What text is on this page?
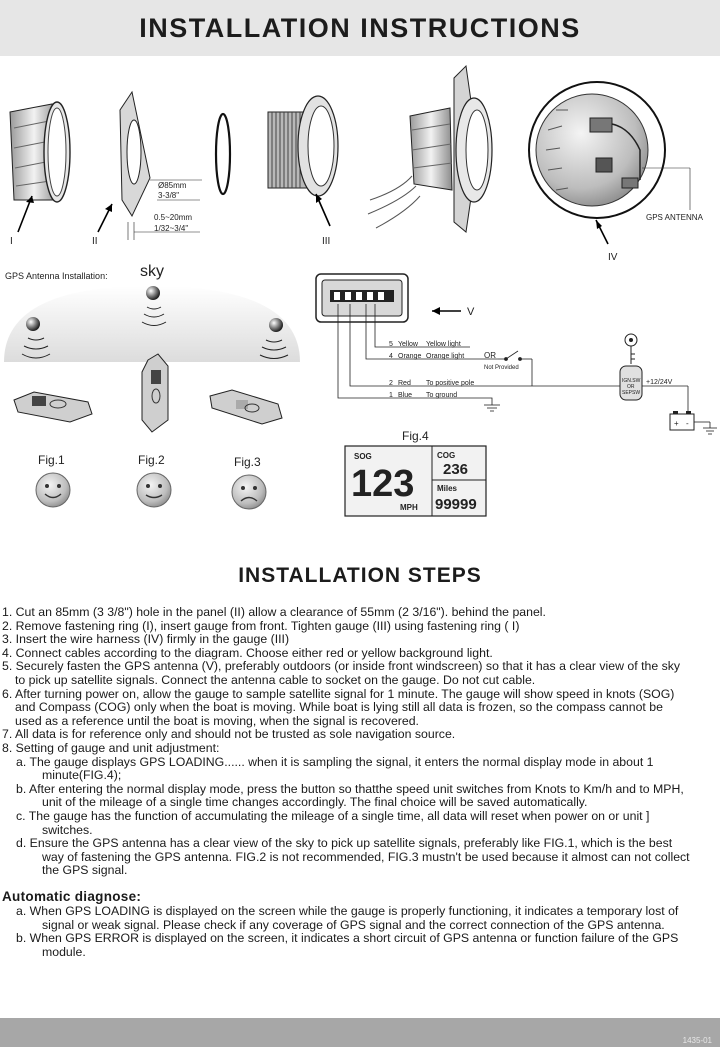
INSTALLATION INSTRUCTIONS
I	II
Ø85mm
3-3/8"
0.5~20mm
1/32~3/4"
III
GPS ANTENNA
IV
GPS Antenna Installation: sky
Fig.1	Fig.2	Fig.3
V
5 Yellow Yellow light
4 Orange Orange light OR
Not Provided
2 Red To positive pole
1 Blue To ground
IGN.SW
OR
SEPSW
+12/24V
+ -
Fig.4
SOG
123
MPH
COG
236
Miles
99999
INSTALLATION STEPS

1. Cut an 85mm (3 3/8") hole in the panel (II) allow a clearance of 55mm (2 3/16"). behind the panel.

2. Remove fastening ring (I), insert gauge from front. Tighten gauge (III) using fastening ring ( I)

3. Insert the wire harness (IV) firmly in the gauge (III)

4. Connect cables according to the diagram. Choose either red or yellow background light.

5. Securely fasten the GPS antenna (V), preferably outdoors (or inside front windscreen) so that it has a clear view of the sky

to pick up satellite signals. Connect the antenna cable to socket on the gauge. Do not cut cable.

6. After turning power on, allow the gauge to sample satellite signal for 1 minute. The gauge will show speed in knots (SOG)

and Compass (COG) only when the boat is moving. While boat is lying still all data is frozen, so the compass cannot be

used as a reference until the boat is moving, when the signal is recovered.

7. All data is for reference only and should not be trusted as sole navigation source.

8. Setting of gauge and unit adjustment:

a. The gauge displays GPS LOADING...... when it is sampling the signal, it enters the normal display mode in about 1

minute(FIG.4);

b. After entering the normal display mode, press the button so thatthe speed unit switches from Knots to Km/h and to MPH,

unit of the mileage of a single time changes accordingly. The final choice will be saved automatically.

c. The gauge has the function of accumulating the mileage of a single time, all data will reset when power on or unit ]

switches.

d. Ensure the GPS antenna has a clear view of the sky to pick up satellite signals, preferably like FIG.1, which is the best

way of fastening the GPS antenna. FIG.2 is not recommended, FIG.3 mustn't be used because it almost can not collect

the GPS signal.

Automatic diagnose:

a. When GPS LOADING is displayed on the screen while the gauge is properly functioning, it indicates a temporary lost of

signal or weak signal. Please check if any coverage of GPS signal and the correct connection of the GPS antenna.

b. When GPS ERROR is displayed on the screen, it indicates a short circuit of GPS antenna or function failure of the GPS

module.

1435-01
